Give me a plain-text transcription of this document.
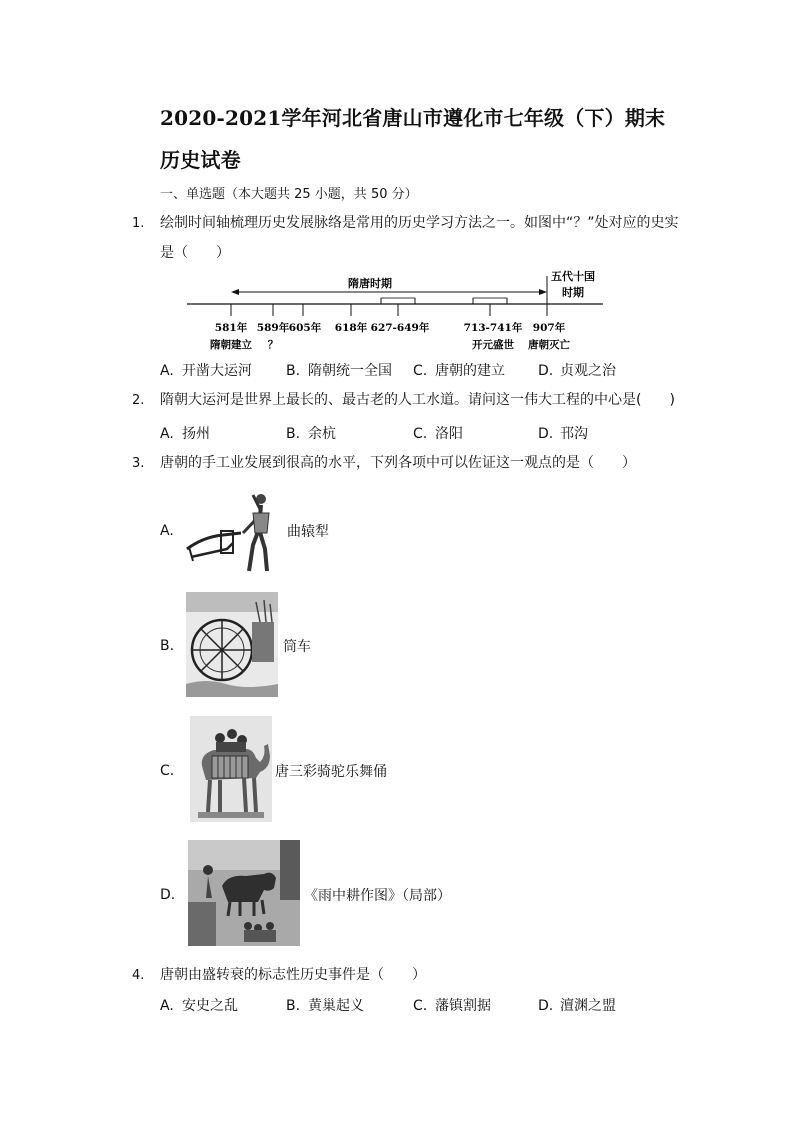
2020-2021学年河北省唐山市遵化市七年级（下）期末
历史试卷
一、单选题（本大题共 25 小题，共 50 分）
1. 绘制时间轴梳理历史发展脉络是常用的历史学习方法之一。如图中“？”处对应的史实是（　　）
隋唐时期
五代十国
时期
581年 589年 605年 618年 627-649年	713-741年 907年
隋朝建立 ？	开元盛世 唐朝灭亡
A. 开凿大运河 B. 隋朝统一全国 C. 唐朝的建立 D. 贞观之治
2. 隋朝大运河是世界上最长的、最古老的人工水道。请问这一伟大工程的中心是(　　)
A. 扬州	B. 余杭	C. 洛阳	D. 邗沟
3. 唐朝的手工业发展到很高的水平，下列各项中可以佐证这一观点的是（　　）
A.	曲辕犁
B.	筒车
C.	唐三彩骑驼乐舞俑
D.	《雨中耕作图》（局部）
4. 唐朝由盛转衰的标志性历史事件是（　　）
A. 安史之乱	B. 黄巢起义	C. 藩镇割据	D. 澶渊之盟
